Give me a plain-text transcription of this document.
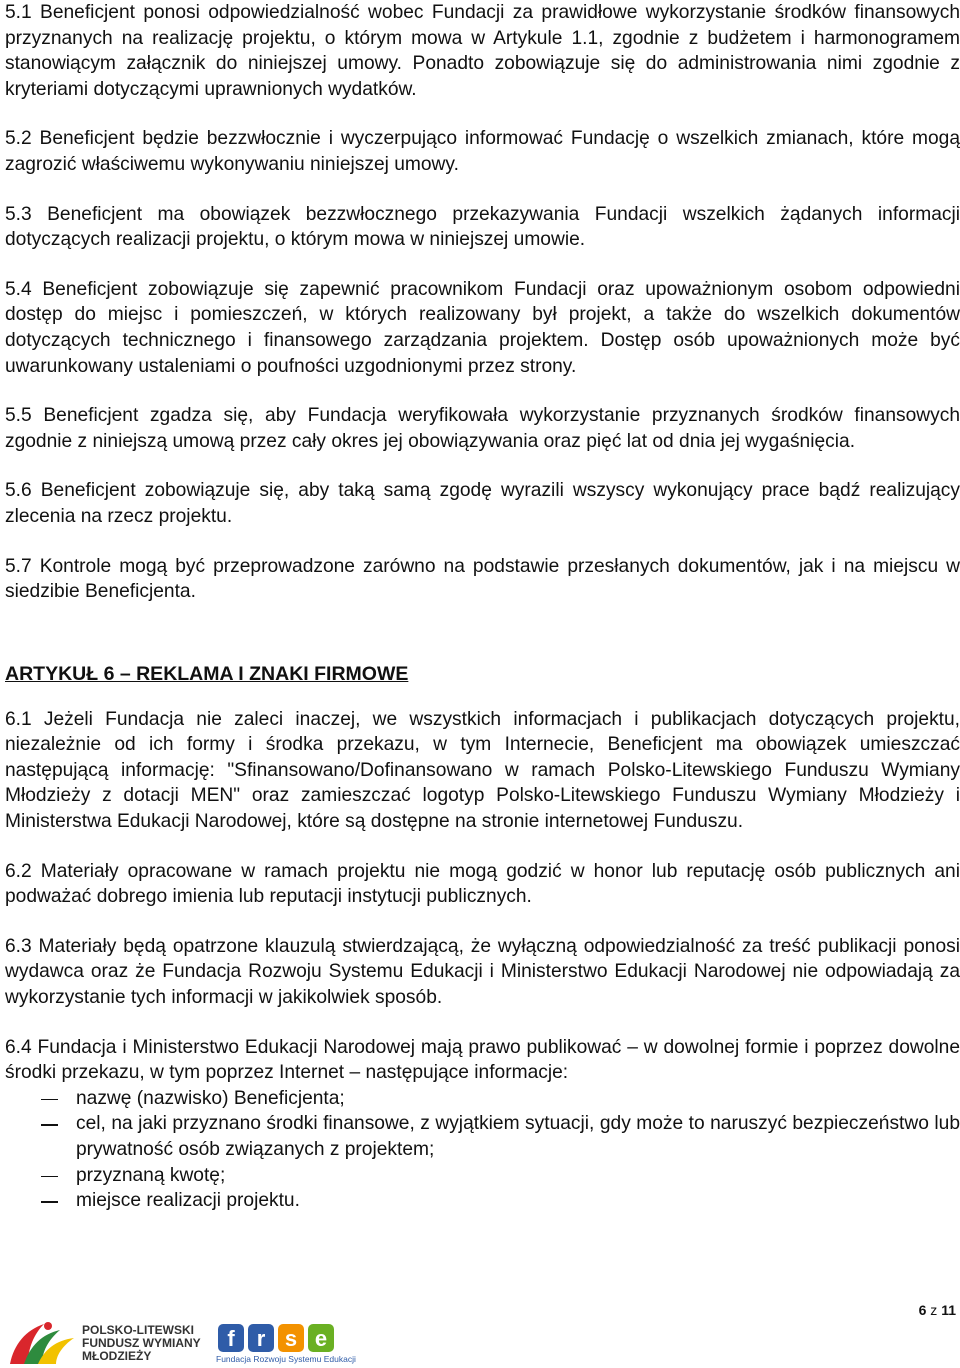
5.1 Beneficjent ponosi odpowiedzialność wobec Fundacji za prawidłowe wykorzystanie środków finansowych przyznanych na realizację projektu, o którym mowa w Artykule 1.1, zgodnie z budżetem i harmonogramem stanowiącym załącznik do niniejszej umowy. Ponadto zobowiązuje się do administrowania nimi zgodnie z kryteriami dotyczącymi uprawnionych wydatków.

5.2 Beneficjent będzie bezzwłocznie i wyczerpująco informować Fundację o wszelkich zmianach, które mogą zagrozić właściwemu wykonywaniu niniejszej umowy.

5.3 Beneficjent ma obowiązek bezzwłocznego przekazywania Fundacji wszelkich żądanych informacji dotyczących realizacji projektu, o którym mowa w niniejszej umowie.

5.4 Beneficjent zobowiązuje się zapewnić pracownikom Fundacji oraz upoważnionym osobom odpowiedni dostęp do miejsc i pomieszczeń, w których realizowany był projekt, a także do wszelkich dokumentów dotyczących technicznego i finansowego zarządzania projektem. Dostęp osób upoważnionych może być uwarunkowany ustaleniami o poufności uzgodnionymi przez strony.

5.5 Beneficjent zgadza się, aby Fundacja weryfikowała wykorzystanie przyznanych środków finansowych zgodnie z niniejszą umową przez cały okres jej obowiązywania oraz pięć lat od dnia jej wygaśnięcia.

5.6 Beneficjent zobowiązuje się, aby taką samą zgodę wyrazili wszyscy wykonujący prace bądź realizujący zlecenia na rzecz projektu.

5.7 Kontrole mogą być przeprowadzone zarówno na podstawie przesłanych dokumentów, jak i na miejscu w siedzibie Beneficjenta.

ARTYKUŁ 6 – REKLAMA I ZNAKI FIRMOWE

6.1 Jeżeli Fundacja nie zaleci inaczej, we wszystkich informacjach i publikacjach dotyczących projektu, niezależnie od ich formy i środka przekazu, w tym Internecie, Beneficjent ma obowiązek umieszczać następującą informację: "Sfinansowano/Dofinansowano w ramach Polsko-Litewskiego Funduszu Wymiany Młodzieży z dotacji MEN" oraz zamieszczać logotyp Polsko-Litewskiego Funduszu Wymiany Młodzieży i Ministerstwa Edukacji Narodowej, które są dostępne na stronie internetowej Funduszu.

6.2 Materiały opracowane w ramach projektu nie mogą godzić w honor lub reputację osób publicznych ani podważać dobrego imienia lub reputacji instytucji publicznych.

6.3 Materiały będą opatrzone klauzulą stwierdzającą, że wyłączną odpowiedzialność za treść publikacji ponosi wydawca oraz że Fundacja Rozwoju Systemu Edukacji i Ministerstwo Edukacji Narodowej nie odpowiadają za wykorzystanie tych informacji w jakikolwiek sposób.

6.4 Fundacja i Ministerstwo Edukacji Narodowej mają prawo publikować – w dowolnej formie i poprzez dowolne środki przekazu, w tym poprzez Internet – następujące informacje:

nazwę (nazwisko) Beneficjenta;
cel, na jaki przyznano środki finansowe, z wyjątkiem sytuacji, gdy może to naruszyć bezpieczeństwo lub prywatność osób związanych z projektem;
przyznaną kwotę;
miejsce realizacji projektu.
6 z 11
POLSKO-LITEWSKI
FUNDUSZ WYMIANY
MŁODZIEŻY
f r s e
Fundacja Rozwoju Systemu Edukacji
